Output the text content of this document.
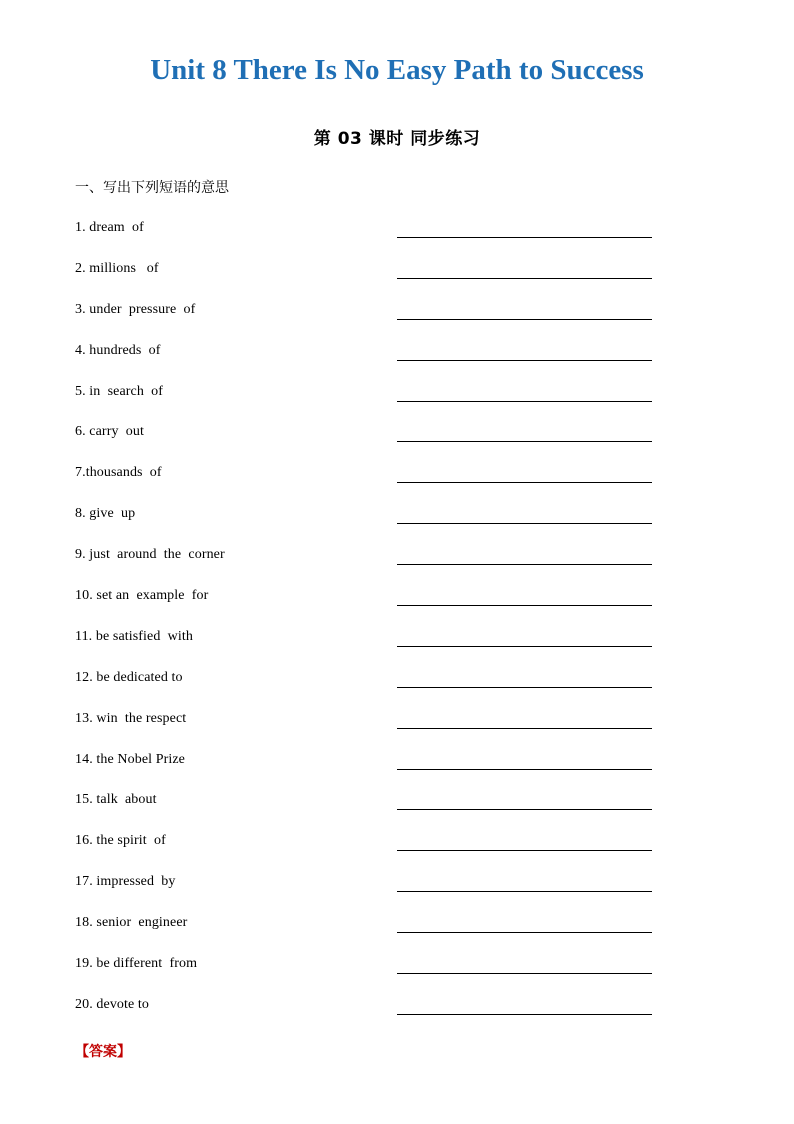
Unit 8 There Is No Easy Path to Success
第 03 课时 同步练习
一、写出下列短语的意思
1. dream  of
2. millions   of
3. under  pressure  of
4. hundreds  of
5. in  search  of
6. carry  out
7.thousands  of
8. give  up
9. just  around  the  corner
10. set an  example  for
11. be satisfied  with
12. be dedicated to
13. win  the respect
14. the Nobel Prize
15. talk  about
16. the spirit  of
17. impressed  by
18. senior  engineer
19. be different  from
20. devote to
【答案】
